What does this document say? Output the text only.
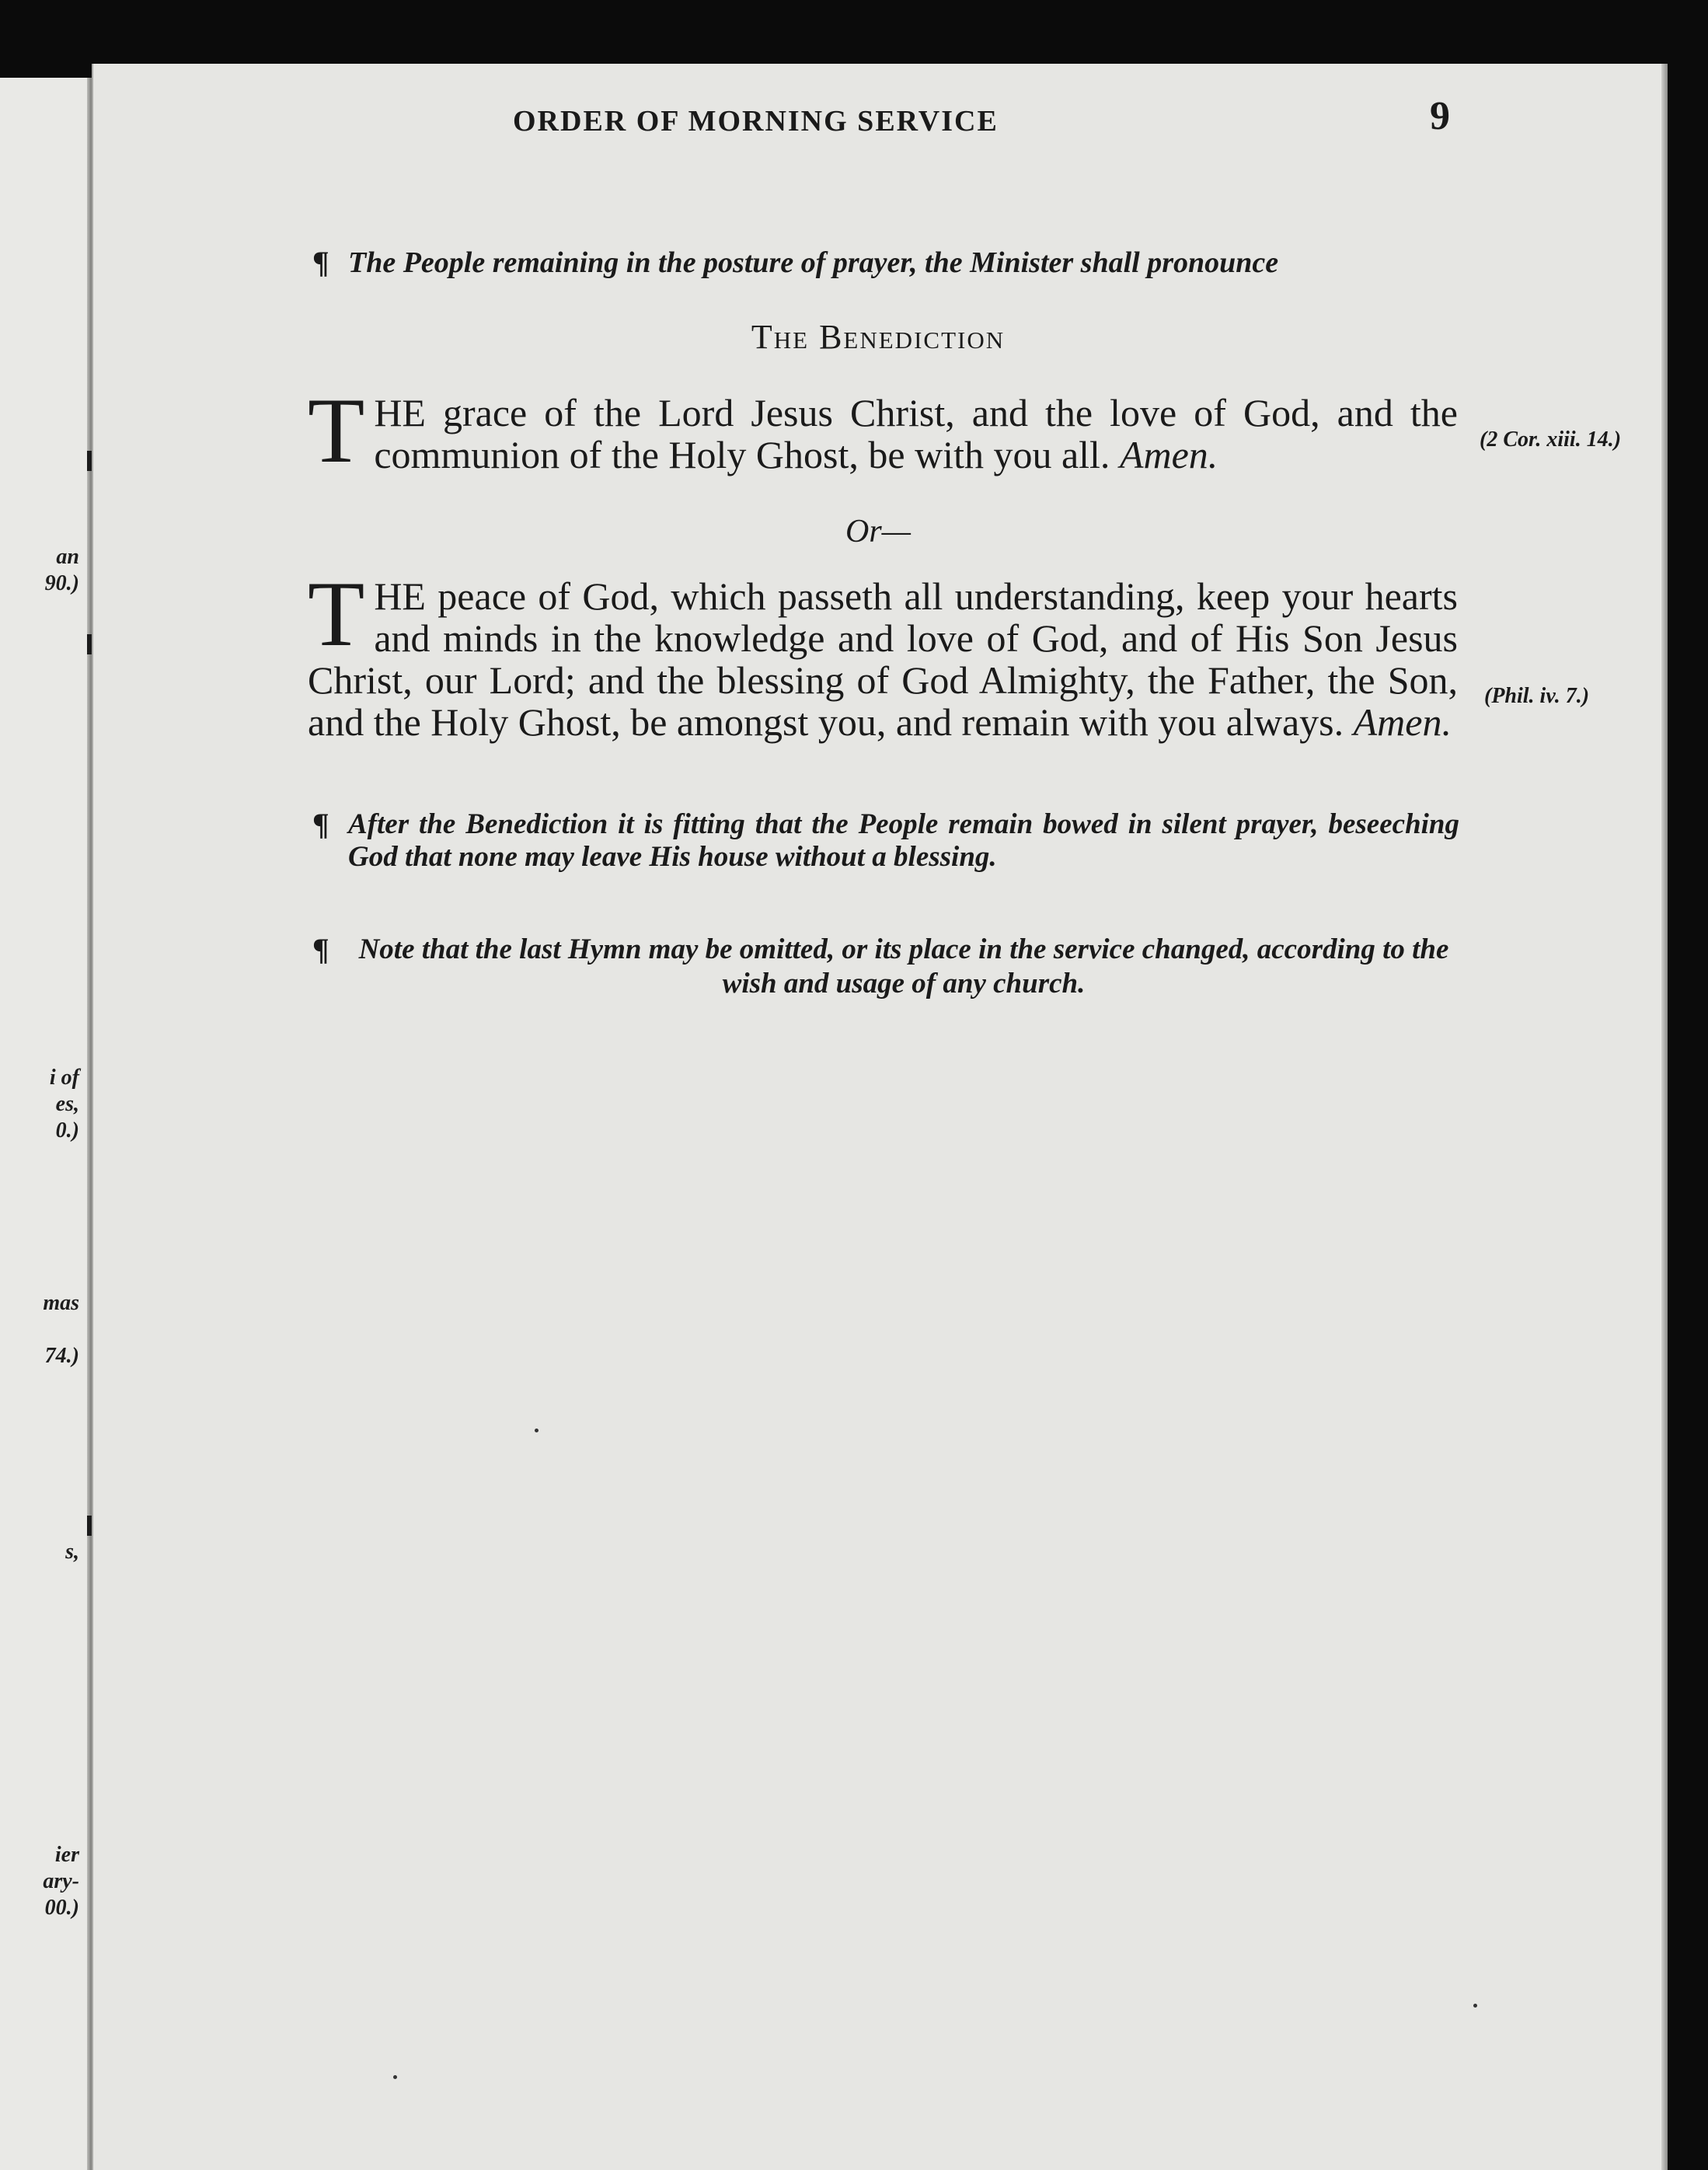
an
90.)
i of
es,
0.)
mas

74.)
s,
ier
ary-
00.)
ORDER OF MORNING SERVICE	9
¶ The People remaining in the posture of prayer, the Minister shall pronounce
The Benediction
THE grace of the Lord Jesus Christ, and the love of God, and the communion of the Holy Ghost, be with you all. Amen.	(2 Cor. xiii. 14.)
Or—
THE peace of God, which passeth all understanding, keep your hearts and minds in the knowledge and love of God, and of His Son Jesus Christ, our Lord; and the blessing of God Almighty, the Father, the Son, and the Holy Ghost, be amongst you, and remain with you always. Amen.
(Phil. iv. 7.)
¶ After the Benediction it is fitting that the People remain bowed in silent prayer, beseeching God that none may leave His house without a blessing.
¶ Note that the last Hymn may be omitted, or its place in the service changed, according to the wish and usage of any church.
